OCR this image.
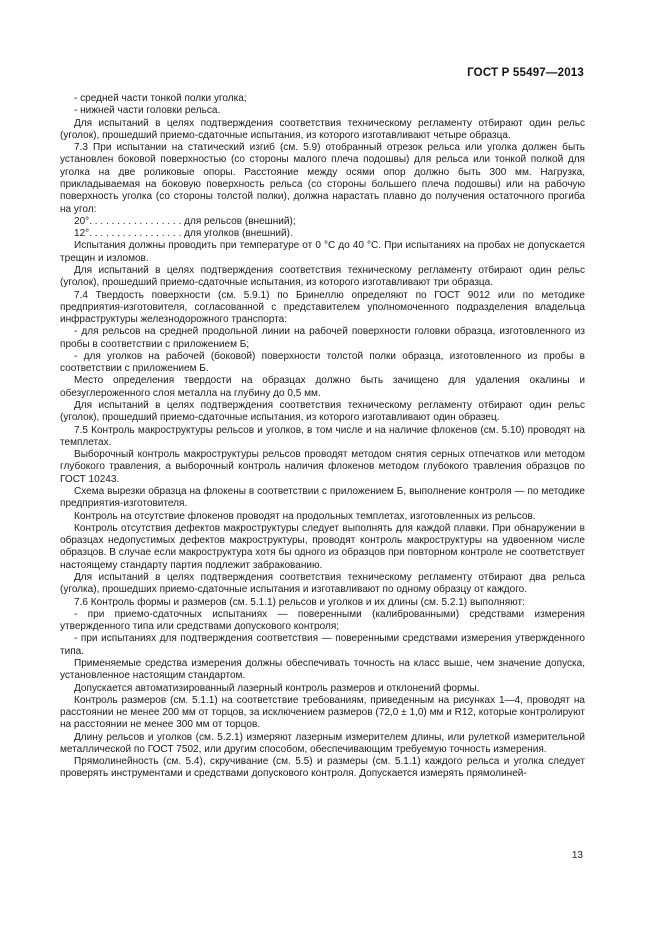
ГОСТ Р 55497—2013

- средней части тонкой полки уголка;

- нижней части головки рельса.

Для испытаний в целях подтверждения соответствия техническому регламенту отбирают один рельс (уголок), прошедший приемо-сдаточные испытания, из которого изготавливают четыре образца.

7.3 При испытании на статический изгиб (см. 5.9) отобранный отрезок рельса или уголка должен быть установлен боковой поверхностью (со стороны малого плеча подошвы) для рельса или тонкой полкой для уголка на две роликовые опоры. Расстояние между осями опор должно быть 300 мм. Нагрузка, прикладываемая на боковую поверхность рельса (со стороны большего плеча подошвы) или на рабочую поверхность уголка (со стороны толстой полки), должна нарастать плавно до получения остаточного прогиба на угол:

20°. . . . . . . . . . . . . . . . . для рельсов (внешний);

12°. . . . . . . . . . . . . . . . . для уголков (внешний).

Испытания должны проводить при температуре от 0 °С до 40 °С. При испытаниях на пробах не допускается трещин и изломов.

Для испытаний в целях подтверждения соответствия техническому регламенту отбирают один рельс (уголок), прошедший приемо-сдаточные испытания, из которого изготавливают три образца.

7.4 Твердость поверхности (см. 5.9.1) по Бринеллю определяют по ГОСТ 9012 или по методике предприятия-изготовителя, согласованной с представителем уполномоченного подразделения владельца инфраструктуры железнодорожного транспорта:

- для рельсов на средней продольной линии на рабочей поверхности головки образца, изготовленного из пробы в соответствии с приложением Б;

- для уголков на рабочей (боковой) поверхности толстой полки образца, изготовленного из пробы в соответствии с приложением Б.

Место определения твердости на образцах должно быть зачищено для удаления окалины и обезуглероженного слоя металла на глубину до 0,5 мм.

Для испытаний в целях подтверждения соответствия техническому регламенту отбирают один рельс (уголок), прошедший приемо-сдаточные испытания, из которого изготавливают один образец.

7.5 Контроль макроструктуры рельсов и уголков, в том числе и на наличие флокенов (см. 5.10) проводят на темплетах.

Выборочный контроль макроструктуры рельсов проводят методом снятия серных отпечатков или методом глубокого травления, а выборочный контроль наличия флокенов методом глубокого травления образцов по ГОСТ 10243.

Схема вырезки образца на флокены в соответствии с приложением Б, выполнение контроля — по методике предприятия-изготовителя.

Контроль на отсутствие флокенов проводят на продольных темплетах, изготовленных из рельсов.

Контроль отсутствия дефектов макроструктуры следует выполнять для каждой плавки. При обнаружении в образцах недопустимых дефектов макроструктуры, проводят контроль макроструктуры на удвоенном числе образцов. В случае если макроструктура хотя бы одного из образцов при повторном контроле не соответствует настоящему стандарту партия подлежит забракованию.

Для испытаний в целях подтверждения соответствия техническому регламенту отбирают два рельса (уголка), прошедших приемо-сдаточные испытания и изготавливают по одному образцу от каждого.

7.6 Контроль формы и размеров (см. 5.1.1) рельсов и уголков и их длины (см. 5.2.1) выполняют:

- при приемо-сдаточных испытаниях — поверенными (калиброванными) средствами измерения утвержденного типа или средствами допускового контроля;

- при испытаниях для подтверждения соответствия — поверенными средствами измерения утвержденного типа.

Применяемые средства измерения должны обеспечивать точность на класс выше, чем значение допуска, установленное настоящим стандартом.

Допускается автоматизированный лазерный контроль размеров и отклонений формы.

Контроль размеров (см. 5.1.1) на соответствие требованиям, приведенным на рисунках 1—4, проводят на расстоянии не менее 200 мм от торцов, за исключением размеров (72,0 ± 1,0) мм и R12, которые контролируют на расстоянии не менее 300 мм от торцов.

Длину рельсов и уголков (см. 5.2.1) измеряют лазерным измерителем длины, или рулеткой измерительной металлической по ГОСТ 7502, или другим способом, обеспечивающим требуемую точность измерения.

Прямолинейность (см. 5.4), скручивание (см. 5.5) и размеры (см. 5.1.1) каждого рельса и уголка следует проверять инструментами и средствами допускового контроля. Допускается измерять прямолиней-

13
